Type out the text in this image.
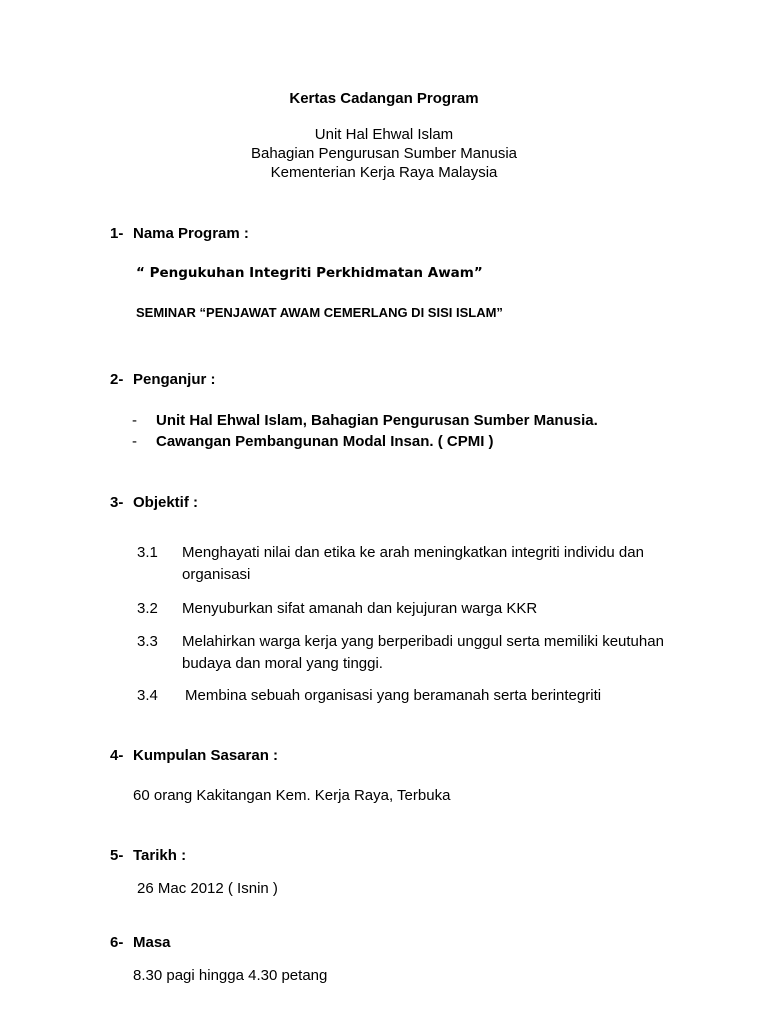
Kertas Cadangan Program
Unit Hal Ehwal Islam
Bahagian Pengurusan Sumber Manusia
Kementerian Kerja Raya Malaysia
1- Nama Program :
“ Pengukuhan Integriti Perkhidmatan Awam”
SEMINAR “PENJAWAT AWAM CEMERLANG DI SISI ISLAM”
2- Penganjur :
- Unit Hal Ehwal Islam, Bahagian Pengurusan Sumber Manusia.
- Cawangan Pembangunan Modal Insan. ( CPMI )
3- Objektif :
3.1 Menghayati nilai dan etika ke arah meningkatkan integriti individu dan organisasi
3.2 Menyuburkan sifat amanah dan kejujuran warga KKR
3.3 Melahirkan warga kerja yang berperibadi unggul serta memiliki keutuhan budaya dan moral yang tinggi.
3.4 Membina sebuah organisasi yang beramanah serta berintegriti
4- Kumpulan Sasaran :
60 orang Kakitangan Kem. Kerja Raya, Terbuka
5- Tarikh :
26 Mac 2012 ( Isnin )
6- Masa
8.30 pagi hingga 4.30 petang
